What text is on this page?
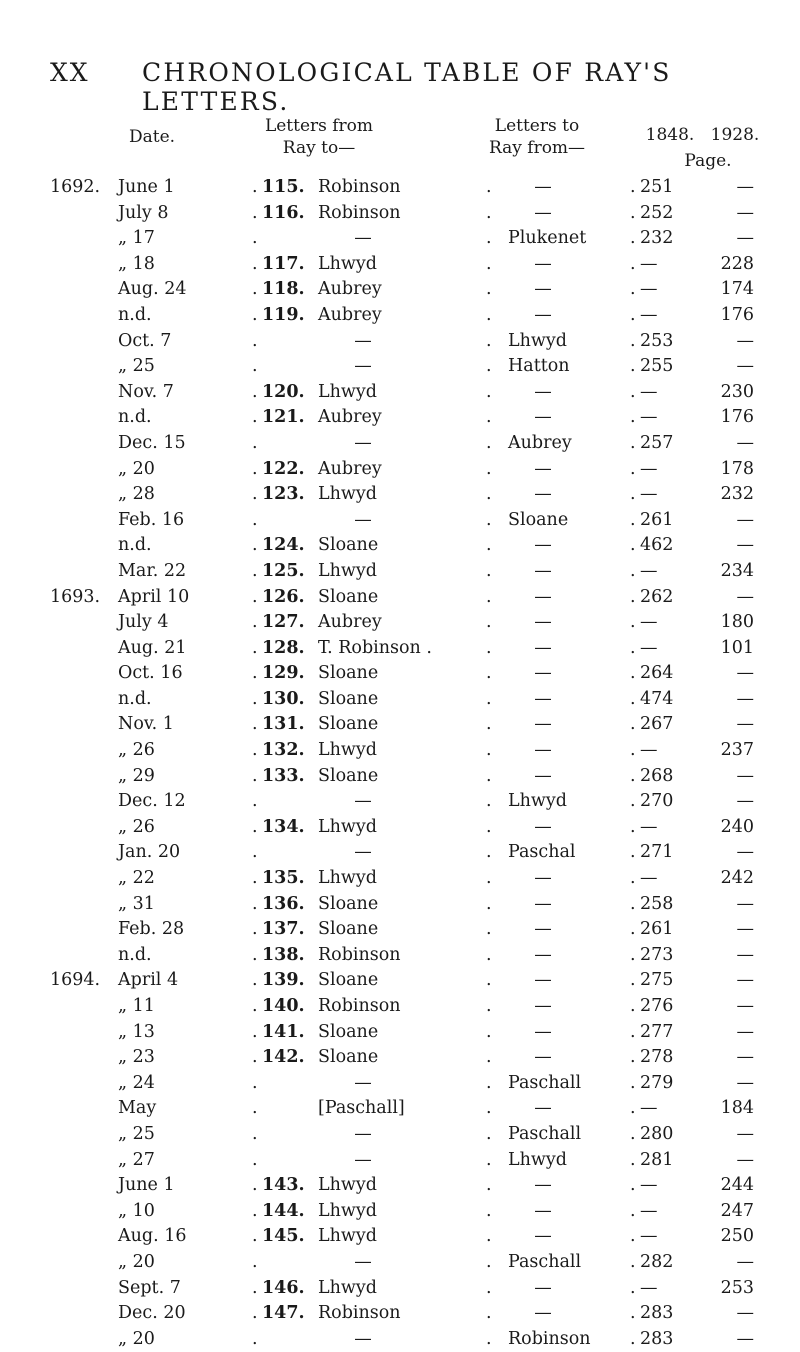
XX CHRONOLOGICAL TABLE OF RAY'S LETTERS.
Date.
Letters from
Ray to—
Letters to
Ray from—
1848. 1928.
Page.
1692. June 1	. 115. Robinson	.	—	. 251	—
July 8	. 116. Robinson	.	—	. 252	—
„ 17	.	—	. Plukenet . 232	—
„ 18	. 117. Lhwyd	.	—	. —	228
Aug. 24	. 118. Aubrey	.	—	. —	174
n.d.	. 119. Aubrey	.	—	. —	176
Oct. 7	.	—	. Lhwyd	. 253	—
„ 25	.	—	. Hatton	. 255	—
Nov. 7	. 120. Lhwyd	.	—	. —	230
n.d.	. 121. Aubrey	.	—	. —	176
Dec. 15	.	—	. Aubrey	. 257	—
„ 20	. 122. Aubrey	.	—	. —	178
„ 28	. 123. Lhwyd	.	—	. —	232
Feb. 16	.	—	. Sloane	. 261	—
n.d.	. 124. Sloane	.	—	. 462	—
Mar. 22	. 125. Lhwyd	.	—	. —	234
1693. April 10	. 126. Sloane	.	—	. 262	—
July 4	. 127. Aubrey	.	—	. —	180
Aug. 21	. 128. T. Robinson .	.	—	. —	101
Oct. 16	. 129. Sloane	.	—	. 264	—
n.d.	. 130. Sloane	.	—	. 474	—
Nov. 1	. 131. Sloane	.	—	. 267	—
„ 26	. 132. Lhwyd	.	—	. —	237
„ 29	. 133. Sloane	.	—	. 268	—
Dec. 12	.	—	. Lhwyd	. 270	—
„ 26	. 134. Lhwyd	.	—	. —	240
Jan. 20	.	—	. Paschal	. 271	—
„ 22	. 135. Lhwyd	.	—	. —	242
„ 31	. 136. Sloane	.	—	. 258	—
Feb. 28	. 137. Sloane	.	—	. 261	—
n.d.	. 138. Robinson	.	—	. 273	—
1694. April 4	. 139. Sloane	.	—	. 275	—
„ 11	. 140. Robinson	.	—	. 276	—
„ 13	. 141. Sloane	.	—	. 277	—
„ 23	. 142. Sloane	.	—	. 278	—
„ 24	.	—	. Paschall	. 279	—
May	.	[Paschall]	.	—	. —	184
„ 25	.	—	. Paschall	. 280	—
„ 27	.	—	. Lhwyd	. 281	—
June 1	. 143. Lhwyd	.	—	. —	244
„ 10	. 144. Lhwyd	.	—	. —	247
Aug. 16	. 145. Lhwyd	.	—	. —	250
„ 20	.	—	. Paschall	. 282	—
Sept. 7	. 146. Lhwyd	.	—	. —	253
Dec. 20	. 147. Robinson	.	—	. 283	—
„ 20	.	—	. Robinson . 283	—
